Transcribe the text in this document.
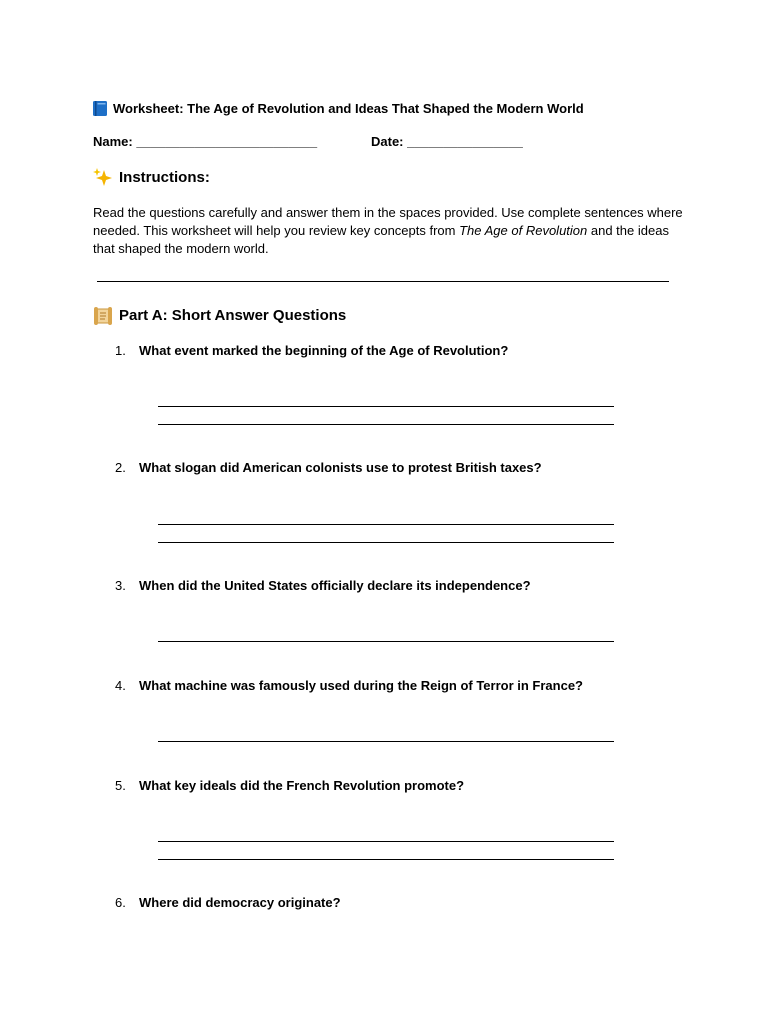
Worksheet: The Age of Revolution and Ideas That Shaped the Modern World
Name: _________________________	Date: ________________
Instructions:
Read the questions carefully and answer them in the spaces provided. Use complete sentences where needed. This worksheet will help you review key concepts from The Age of Revolution and the ideas that shaped the modern world.
Part A: Short Answer Questions
1. What event marked the beginning of the Age of Revolution?
2. What slogan did American colonists use to protest British taxes?
3. When did the United States officially declare its independence?
4. What machine was famously used during the Reign of Terror in France?
5. What key ideals did the French Revolution promote?
6. Where did democracy originate?
